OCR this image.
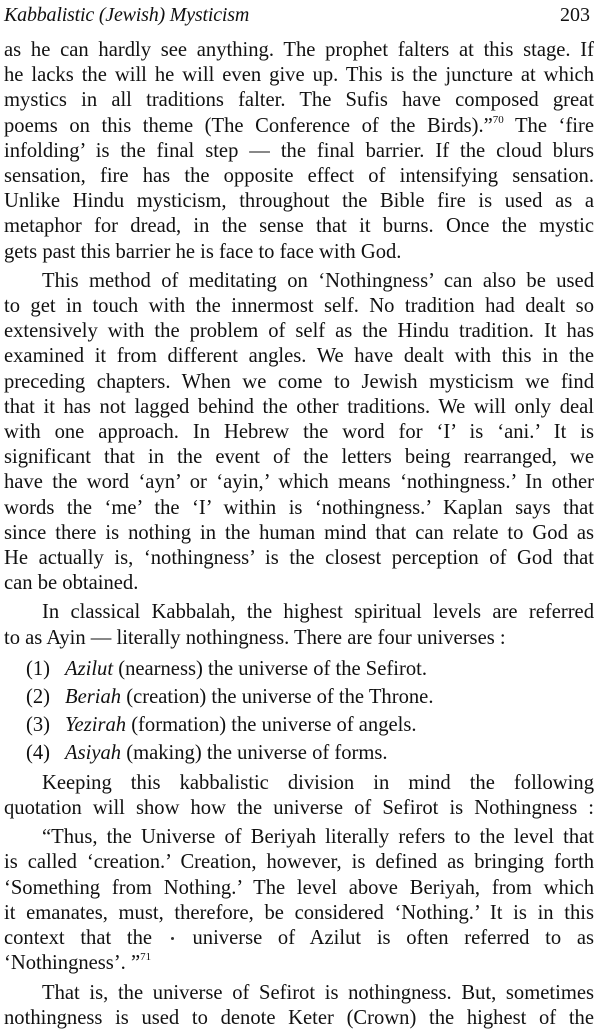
Kabbalistic (Jewish) Mysticism	203

as he can hardly see anything. The prophet falters at this stage. If

he lacks the will he will even give up. This is the juncture at which

mystics in all traditions falter. The Sufis have composed great

poems on this theme (The Conference of the Birds).”$^{70}$ The ‘fire

infolding’ is the final step — the final barrier. If the cloud blurs

sensation, fire has the opposite effect of intensifying sensation.

Unlike Hindu mysticism, throughout the Bible fire is used as a

metaphor for dread, in the sense that it burns. Once the mystic

gets past this barrier he is face to face with God.

This method of meditating on ‘Nothingness’ can also be used

to get in touch with the innermost self. No tradition had dealt so

extensively with the problem of self as the Hindu tradition. It has

examined it from different angles. We have dealt with this in the

preceding chapters. When we come to Jewish mysticism we find

that it has not lagged behind the other traditions. We will only deal

with one approach. In Hebrew the word for ‘I’ is ‘ani.’ It is

significant that in the event of the letters being rearranged, we

have the word ‘ayn’ or ‘ayin,’ which means ‘nothingness.’ In other

words the ‘me’ the ‘I’ within is ‘nothingness.’ Kaplan says that

since there is nothing in the human mind that can relate to God as

He actually is, ‘nothingness’ is the closest perception of God that

can be obtained.

In classical Kabbalah, the highest spiritual levels are referred

to as Ayin — literally nothingness. There are four universes :

(1) Azilut (nearness) the universe of the Sefirot.
(2) Beriah (creation) the universe of the Throne.
(3) Yezirah (formation) the universe of angels.
(4) Asiyah (making) the universe of forms.

Keeping this kabbalistic division in mind the following

quotation will show how the universe of Sefirot is Nothingness :

“Thus, the Universe of Beriyah literally refers to the level that

is called ‘creation.’ Creation, however, is defined as bringing forth

‘Something from Nothing.’ The level above Beriyah, from which

it emanates, must, therefore, be considered ‘Nothing.’ It is in this

context that the universe of Azilut is often referred to as

‘Nothingness’. ”$^{71}$

That is, the universe of Sefirot is nothingness. But, sometimes

nothingness is used to denote Keter (Crown) the highest of the
